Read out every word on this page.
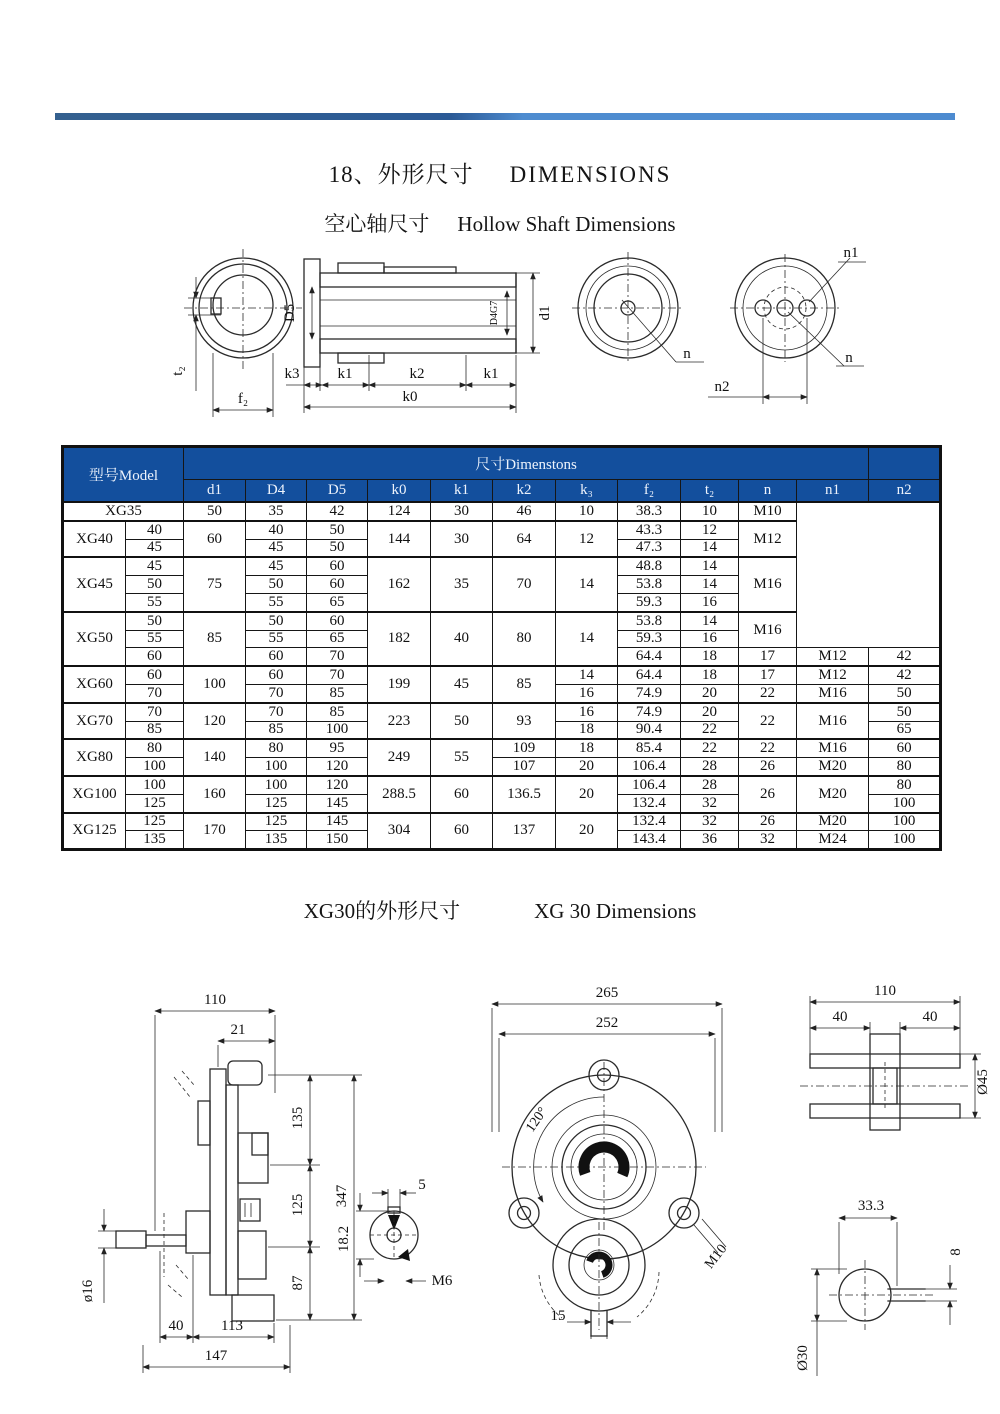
18、外形尺寸 DIMENSIONS
空心轴尺寸 Hollow Shaft Dimensions
t₂
f₂
D5	D4G7 d1
k3	k1	k2	k1
k0
n
n1
n
n2
型号Model		尺寸Dimenstons											
		d1	D4	D5	k0	k1	k2	k₃	f₂	t₂	n	n1	n2
XG35		50	35	42	124	30	46	10	38.3	10	M10		
XG40	40	60	40	50	144	30	64	12	43.3	12	M12		
	45		45	50					47.3	14			
XG45	45	75	45	60	162	35	70	14	48.8	14	M16		
	50		50	60					53.8	14			
	55		55	65					59.3	16			
XG50	50	85	50	60	182	40	80	14	53.8	14	M16		
	55		55	65					59.3	16			
	60		60	70					64.4	18	17	M12	42
XG60	60	100	60	70	199	45	85	14	64.4	18	17	M12	42
	70		70	85				16	74.9	20	22	M16	50
XG70	70	120	70	85	223	50	93	16	74.9	20	22	M16	50
	85		85	100				18	90.4	22			65
XG80	80	140	80	95	249	55	109	18	85.4	22	22	M16	60
	100		100	120			107	20	106.4	28	26	M20	80
XG100	100	160	100	120	288.5	60	136.5	20	106.4	28	26	M20	80
	125		125	145					132.4	32			100
XG125	125	170	125	145	304	60	137	20	132.4	32	26	M20	100
	135		135	150					143.4	36	32	M24	100
XG30的外形尺寸	XG 30 Dimensions
110
21
135
125
87
347
ø16
40	113
147
5
18.2
M6
265
252
120°
M10
15
110
40	40
Ø45
33.3
8
Ø30
